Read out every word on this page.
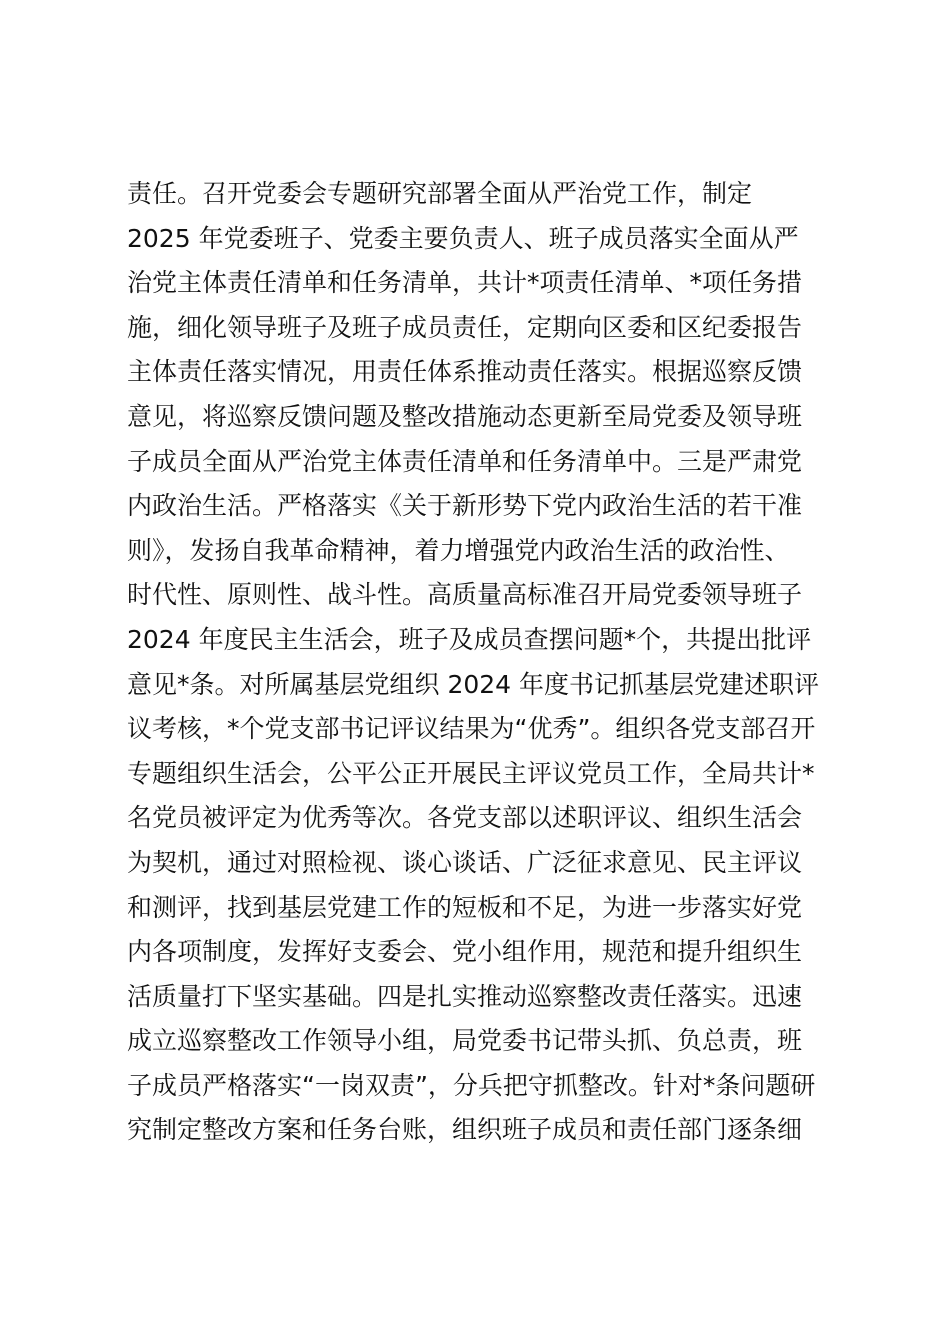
责任。召开党委会专题研究部署全面从严治党工作，制定
2025 年党委班子、党委主要负责人、班子成员落实全面从严
治党主体责任清单和任务清单，共计*项责任清单、*项任务措
施，细化领导班子及班子成员责任，定期向区委和区纪委报告
主体责任落实情况，用责任体系推动责任落实。根据巡察反馈
意见，将巡察反馈问题及整改措施动态更新至局党委及领导班
子成员全面从严治党主体责任清单和任务清单中。三是严肃党
内政治生活。严格落实《关于新形势下党内政治生活的若干准
则》，发扬自我革命精神，着力增强党内政治生活的政治性、
时代性、原则性、战斗性。高质量高标准召开局党委领导班子
2024 年度民主生活会，班子及成员查摆问题*个，共提出批评
意见*条。对所属基层党组织 2024 年度书记抓基层党建述职评
议考核，*个党支部书记评议结果为“优秀”。组织各党支部召开
专题组织生活会，公平公正开展民主评议党员工作，全局共计*
名党员被评定为优秀等次。各党支部以述职评议、组织生活会
为契机，通过对照检视、谈心谈话、广泛征求意见、民主评议
和测评，找到基层党建工作的短板和不足，为进一步落实好党
内各项制度，发挥好支委会、党小组作用，规范和提升组织生
活质量打下坚实基础。四是扎实推动巡察整改责任落实。迅速
成立巡察整改工作领导小组，局党委书记带头抓、负总责，班
子成员严格落实“一岗双责”，分兵把守抓整改。针对*条问题研
究制定整改方案和任务台账，组织班子成员和责任部门逐条细
